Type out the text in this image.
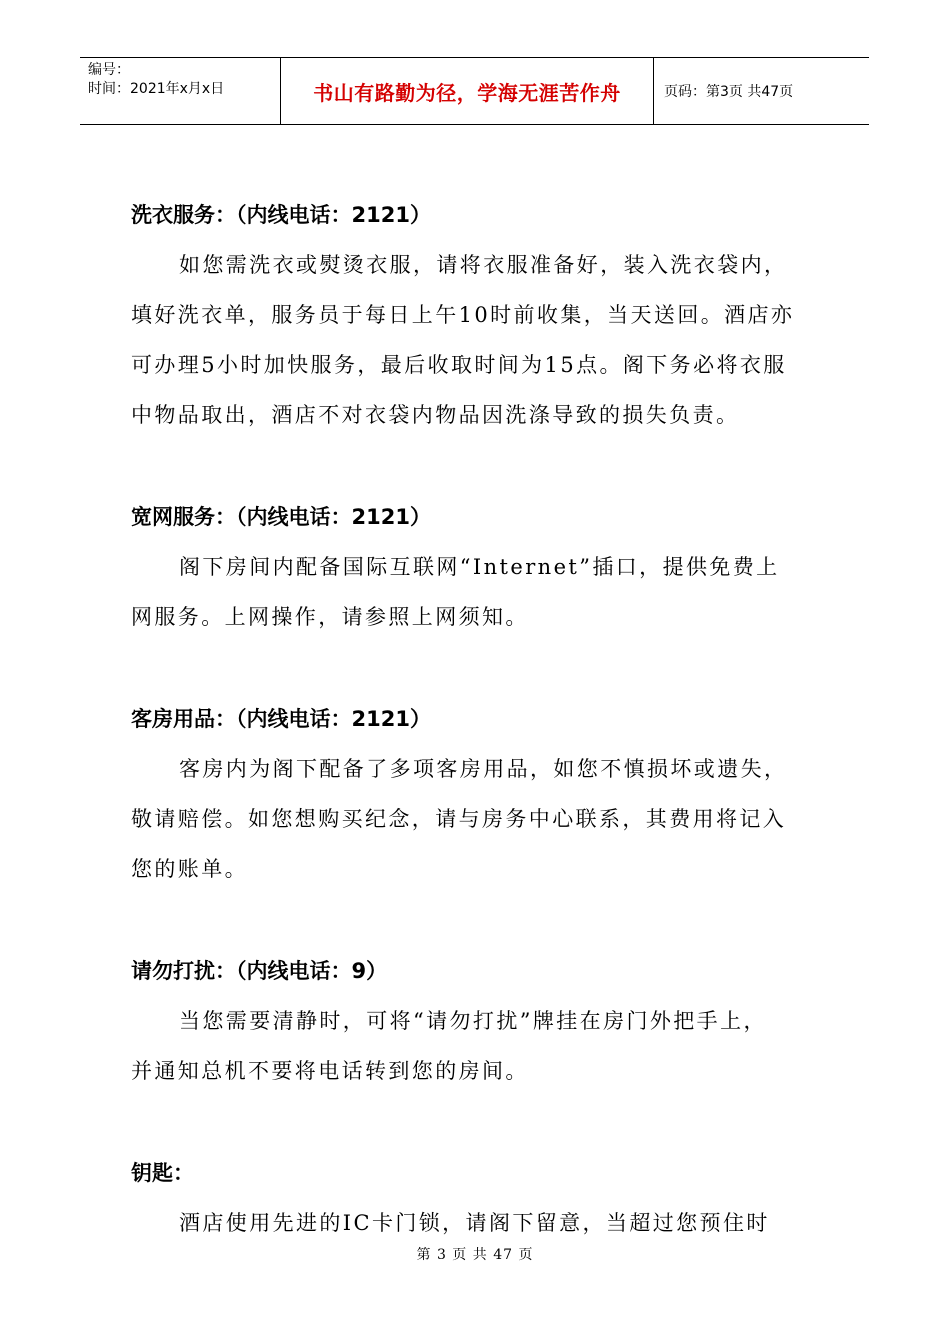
编号：
时间：2021年x月x日	书山有路勤为径，学海无涯苦作舟	页码：第3页 共47页
洗衣服务：（内线电话：2121）

如您需洗衣或熨烫衣服，请将衣服准备好，装入洗衣袋内，
填好洗衣单，服务员于每日上午10时前收集，当天送回。酒店亦
可办理5小时加快服务，最后收取时间为15点。阁下务必将衣服
中物品取出，酒店不对衣袋内物品因洗涤导致的损失负责。

宽网服务：（内线电话：2121）

阁下房间内配备国际互联网“Internet”插口，提供免费上
网服务。上网操作，请参照上网须知。

客房用品：（内线电话：2121）

客房内为阁下配备了多项客房用品，如您不慎损坏或遗失，
敬请赔偿。如您想购买纪念，请与房务中心联系，其费用将记入
您的账单。

请勿打扰：（内线电话：9）

当您需要清静时，可将“请勿打扰”牌挂在房门外把手上，
并通知总机不要将电话转到您的房间。

钥匙：

酒店使用先进的IC卡门锁，请阁下留意，当超过您预住时

第 3 页 共 47 页
